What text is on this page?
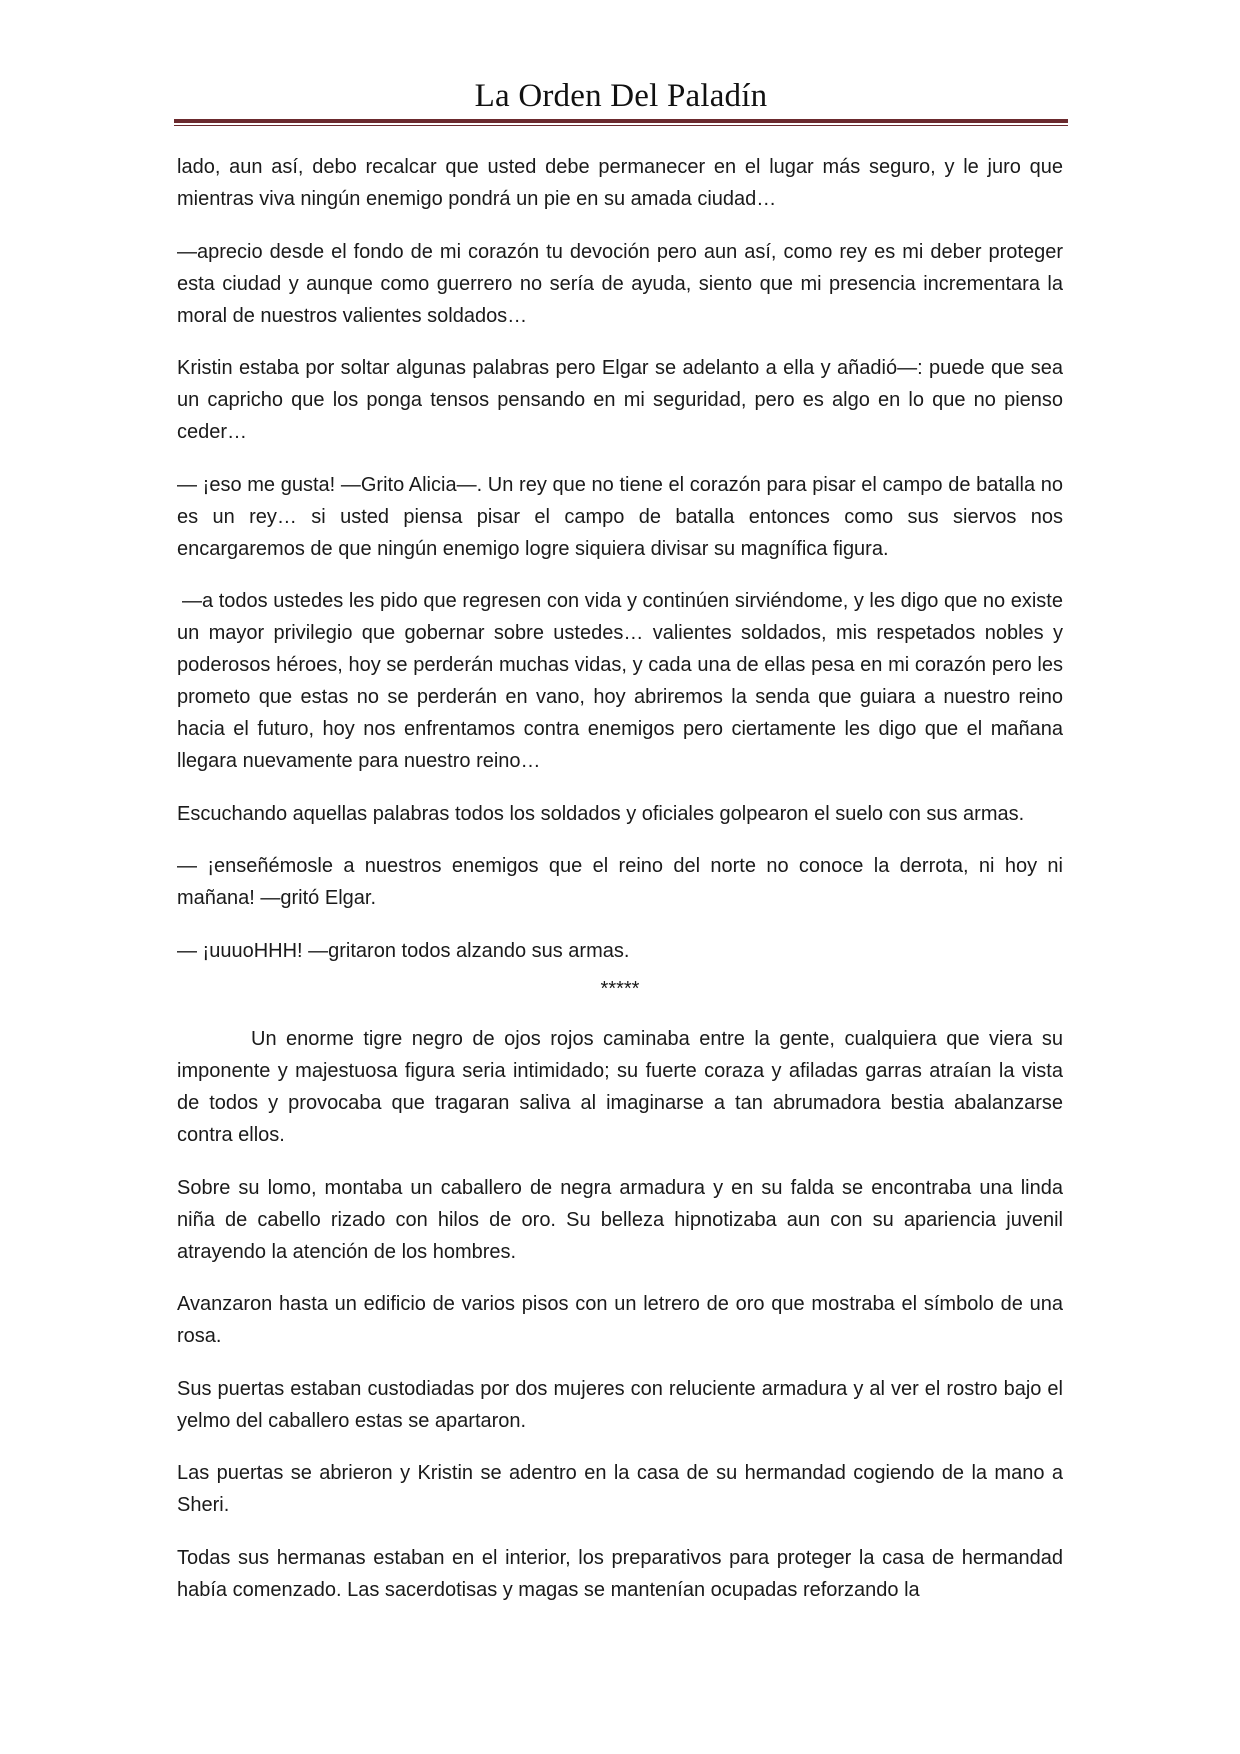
La Orden Del Paladín

lado, aun así, debo recalcar que usted debe permanecer en el lugar más seguro, y le juro que mientras viva ningún enemigo pondrá un pie en su amada ciudad…

—aprecio desde el fondo de mi corazón tu devoción pero aun así, como rey es mi deber proteger esta ciudad y aunque como guerrero no sería de ayuda, siento que mi presencia incrementara la moral de nuestros valientes soldados…

Kristin estaba por soltar algunas palabras pero Elgar se adelanto a ella y añadió—: puede que sea un capricho que los ponga tensos pensando en mi seguridad, pero es algo en lo que no pienso ceder…

— ¡eso me gusta! —Grito Alicia—. Un rey que no tiene el corazón para pisar el campo de batalla no es un rey… si usted piensa pisar el campo de batalla entonces como sus siervos nos encargaremos de que ningún enemigo logre siquiera divisar su magnífica figura.

—a todos ustedes les pido que regresen con vida y continúen sirviéndome, y les digo que no existe un mayor privilegio que gobernar sobre ustedes… valientes soldados, mis respetados nobles y poderosos héroes, hoy se perderán muchas vidas, y cada una de ellas pesa en mi corazón pero les prometo que estas no se perderán en vano, hoy abriremos la senda que guiara a nuestro reino hacia el futuro, hoy nos enfrentamos contra enemigos pero ciertamente les digo que el mañana llegara nuevamente para nuestro reino…

Escuchando aquellas palabras todos los soldados y oficiales golpearon el suelo con sus armas.

— ¡enseñémosle a nuestros enemigos que el reino del norte no conoce la derrota, ni hoy ni mañana! —gritó Elgar.

— ¡uuuoHHH! —gritaron todos alzando sus armas.

*****

Un enorme tigre negro de ojos rojos caminaba entre la gente, cualquiera que viera su imponente y majestuosa figura seria intimidado; su fuerte coraza y afiladas garras atraían la vista de todos y provocaba que tragaran saliva al imaginarse a tan abrumadora bestia abalanzarse contra ellos.

Sobre su lomo, montaba un caballero de negra armadura y en su falda se encontraba una linda niña de cabello rizado con hilos de oro. Su belleza hipnotizaba aun con su apariencia juvenil atrayendo la atención de los hombres.

Avanzaron hasta un edificio de varios pisos con un letrero de oro que mostraba el símbolo de una rosa.

Sus puertas estaban custodiadas por dos mujeres con reluciente armadura y al ver el rostro bajo el yelmo del caballero estas se apartaron.

Las puertas se abrieron y Kristin se adentro en la casa de su hermandad cogiendo de la mano a Sheri.

Todas sus hermanas estaban en el interior, los preparativos para proteger la casa de hermandad había comenzado. Las sacerdotisas y magas se mantenían ocupadas reforzando la
